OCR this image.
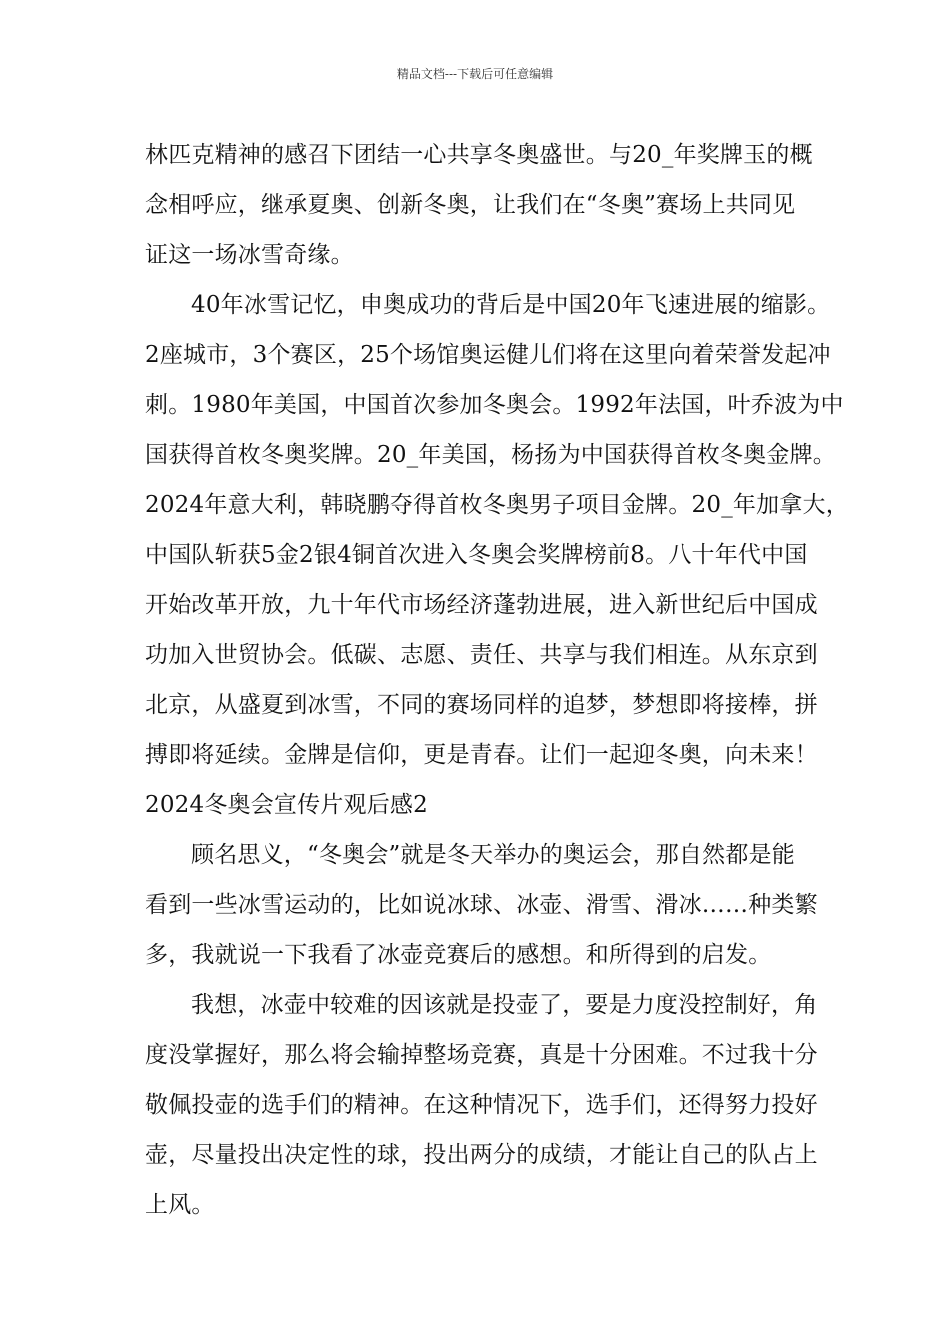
精品文档---下载后可任意编辑
林匹克精神的感召下团结一心共享冬奥盛世。与20_年奖牌玉的概
念相呼应，继承夏奥、创新冬奥，让我们在“冬奥”赛场上共同见
证这一场冰雪奇缘。
40年冰雪记忆，申奥成功的背后是中国20年飞速进展的缩影。
2座城市，3个赛区，25个场馆奥运健儿们将在这里向着荣誉发起冲
刺。1980年美国，中国首次参加冬奥会。1992年法国，叶乔波为中
国获得首枚冬奥奖牌。20_年美国，杨扬为中国获得首枚冬奥金牌。
2024年意大利，韩晓鹏夺得首枚冬奥男子项目金牌。20_年加拿大，
中国队斩获5金2银4铜首次进入冬奥会奖牌榜前8。八十年代中国
开始改革开放，九十年代市场经济蓬勃进展，进入新世纪后中国成
功加入世贸协会。低碳、志愿、责任、共享与我们相连。从东京到
北京，从盛夏到冰雪，不同的赛场同样的追梦，梦想即将接棒，拼
搏即将延续。金牌是信仰，更是青春。让们一起迎冬奥，向未来！
2024冬奥会宣传片观后感2
顾名思义，“冬奥会”就是冬天举办的奥运会，那自然都是能
看到一些冰雪运动的，比如说冰球、冰壶、滑雪、滑冰……种类繁
多，我就说一下我看了冰壶竞赛后的感想。和所得到的启发。
我想，冰壶中较难的因该就是投壶了，要是力度没控制好，角
度没掌握好，那么将会输掉整场竞赛，真是十分困难。不过我十分
敬佩投壶的选手们的精神。在这种情况下，选手们，还得努力投好
壶，尽量投出决定性的球，投出两分的成绩，才能让自己的队占上
上风。
